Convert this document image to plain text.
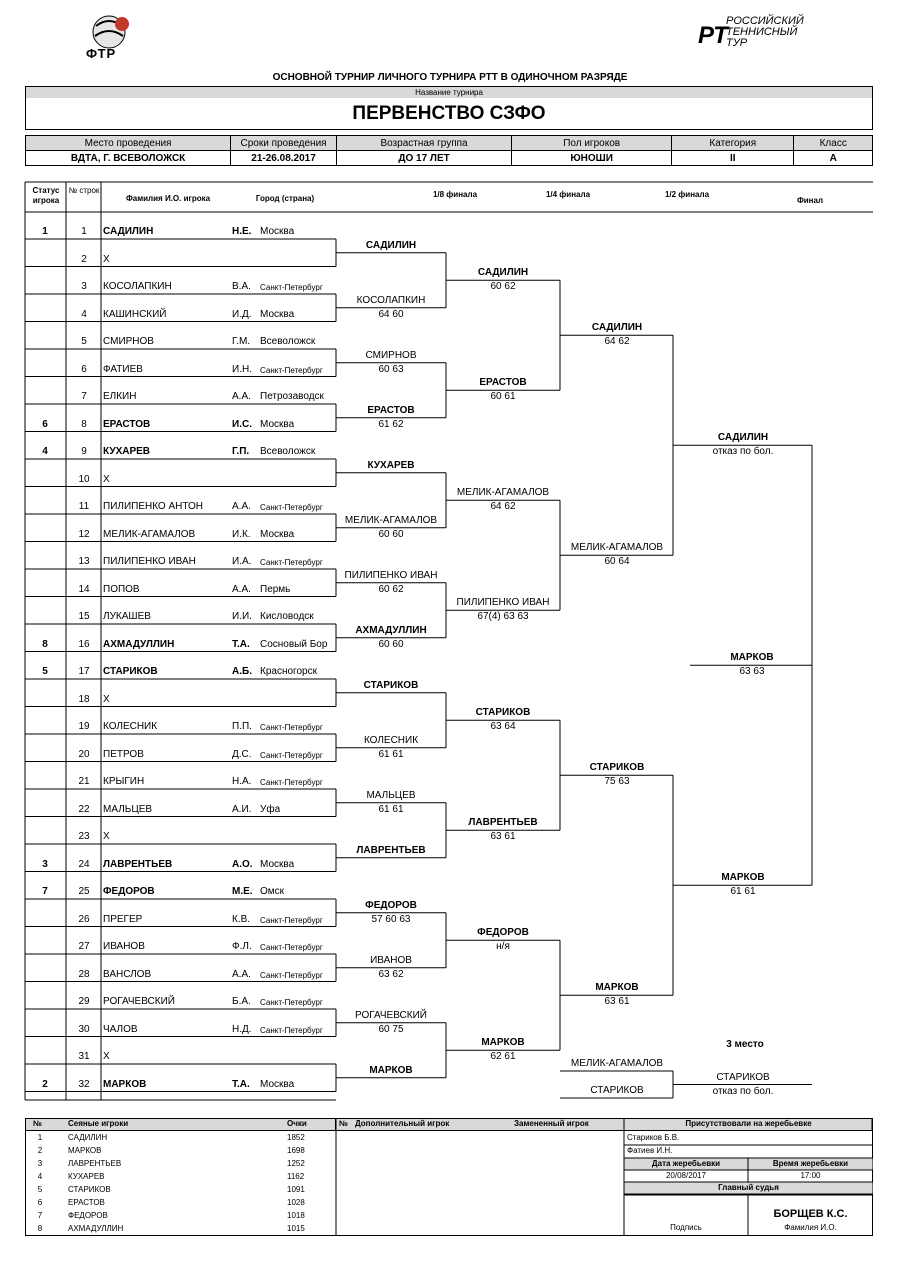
ФТР
РТ
РОССИЙСКИЙ
ТЕННИСНЫЙ
ТУР
ОСНОВНОЙ ТУРНИР ЛИЧНОГО ТУРНИРА РТТ В ОДИНОЧНОМ РАЗРЯДЕ
Название турнира
ПЕРВЕНСТВО СЗФО
Место проведения	Сроки проведения	Возрастная группа	Пол игроков	Категория	Класс
ВДТА, Г. ВСЕВОЛОЖСК	21-26.08.2017	ДО 17 ЛЕТ	ЮНОШИ	II	А
Статус игрока
№ строк
Фамилия И.О. игрока	Город (страна)	1/8 финала	1/4 финала	1/2 финала
Финал
1	1	САДИЛИН	Н.Е. Москва
2	Х
3	КОСОЛАПКИН	В.А. Санкт-Петербург
4	КАШИНСКИЙ	И.Д. Москва
5	СМИРНОВ	Г.М. Всеволожск
6	ФАТИЕВ	И.Н. Санкт-Петербург
7	ЕЛКИН	А.А. Петрозаводск
6	8	ЕРАСТОВ	И.С. Москва
4	9	КУХАРЕВ	Г.П. Всеволожск
10	Х
11	ПИЛИПЕНКО АНТОН	А.А. Санкт-Петербург
12	МЕЛИК-АГАМАЛОВ	И.К. Москва
13	ПИЛИПЕНКО ИВАН	И.А. Санкт-Петербург
14	ПОПОВ	А.А. Пермь
15	ЛУКАШЕВ	И.И. Кисловодск
8	16	АХМАДУЛЛИН	Т.А. Сосновый Бор
5	17	СТАРИКОВ	А.Б. Красногорск
18	Х
19	КОЛЕСНИК	П.П. Санкт-Петербург
20	ПЕТРОВ	Д.С. Санкт-Петербург
21	КРЫГИН	Н.А. Санкт-Петербург
22	МАЛЬЦЕВ	А.И. Уфа
23	Х
3	24	ЛАВРЕНТЬЕВ	А.О. Москва
7	25	ФЕДОРОВ	М.Е. Омск
26	ПРЕГЕР	К.В. Санкт-Петербург
27	ИВАНОВ	Ф.Л. Санкт-Петербург
28	ВАНСЛОВ	А.А. Санкт-Петербург
29	РОГАЧЕВСКИЙ	Б.А. Санкт-Петербург
30	ЧАЛОВ	Н.Д. Санкт-Петербург
31	Х
2	32	МАРКОВ	Т.А. Москва
САДИЛИН
КОСОЛАПКИН
64 60
СМИРНОВ
60 63
ЕРАСТОВ
61 62
КУХАРЕВ
МЕЛИК-АГАМАЛОВ
60 60
ПИЛИПЕНКО ИВАН
60 62
АХМАДУЛЛИН
60 60
СТАРИКОВ
КОЛЕСНИК
61 61
МАЛЬЦЕВ
61 61
ЛАВРЕНТЬЕВ
ФЕДОРОВ
57 60 63
ИВАНОВ
63 62
РОГАЧЕВСКИЙ
60 75
МАРКОВ
САДИЛИН
60 62
ЕРАСТОВ
60 61
МЕЛИК-АГАМАЛОВ
64 62
ПИЛИПЕНКО ИВАН
67(4) 63 63
СТАРИКОВ
63 64
ЛАВРЕНТЬЕВ
63 61
ФЕДОРОВ
н/я
МАРКОВ
62 61
САДИЛИН
64 62
МЕЛИК-АГАМАЛОВ
60 64
СТАРИКОВ
75 63
МАРКОВ
63 61
САДИЛИН
отказ по бол.
МАРКОВ
61 61
МАРКОВ
63 63
3 место
МЕЛИК-АГАМАЛОВ
СТАРИКОВ
СТАРИКОВ
отказ по бол.
№	Сеяные игроки	Очки
1	САДИЛИН	1852
2	МАРКОВ	1698
3	ЛАВРЕНТЬЕВ	1252
4	КУХАРЕВ	1162
5	СТАРИКОВ	1091
6	ЕРАСТОВ	1028
7	ФЕДОРОВ	1018
8	АХМАДУЛЛИН	1015
№ Дополнительный игрок	Замененный игрок	Присутствовали на жеребьевке
Стариков Б.В.
Фатиев И.Н.
Дата жеребьевки	Время жеребьевки
20/08/2017	17:00
Главный судья
Подпись
БОРЩЕВ К.С.
Фамилия И.О.
